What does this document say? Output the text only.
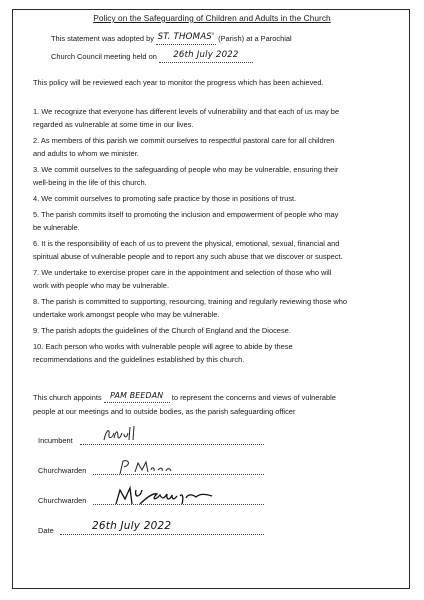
Policy on the Safeguarding of Children and Adults in the Church
This statement was adopted by ST. THOMAS' (Parish) at a Parochial
Church Council meeting held on 26th July 2022
This policy will be reviewed each year to monitor the progress which has been achieved.
1. We recognize that everyone has different levels of vulnerability and that each of us may be
regarded as vulnerable at some time in our lives.
2. As members of this parish we commit ourselves to respectful pastoral care for all children
and adults to whom we minister.
3. We commit ourselves to the safeguarding of people who may be vulnerable, ensuring their
well-being in the life of this church.
4. We commit ourselves to promoting safe practice by those in positions of trust.
5. The parish commits itself to promoting the inclusion and empowerment of people who may
be vulnerable.
6. It is the responsibility of each of us to prevent the physical, emotional, sexual, financial and
spiritual abuse of vulnerable people and to report any such abuse that we discover or suspect.
7. We undertake to exercise proper care in the appointment and selection of those who will
work with people who may be vulnerable.
8. The parish is committed to supporting, resourcing, training and regularly reviewing those who
undertake work amongst people who may be vulnerable.
9. The parish adopts the guidelines of the Church of England and the Diocese.
10. Each person who works with vulnerable people will agree to abide by these
recommendations and the guidelines established by this church.
This church appoints PAM BEEDAN to represent the concerns and views of vulnerable
people at our meetings and to outside bodies, as the parish safeguarding officer
Incumbent
Churchwarden
Churchwarden
Date	26th July 2022
